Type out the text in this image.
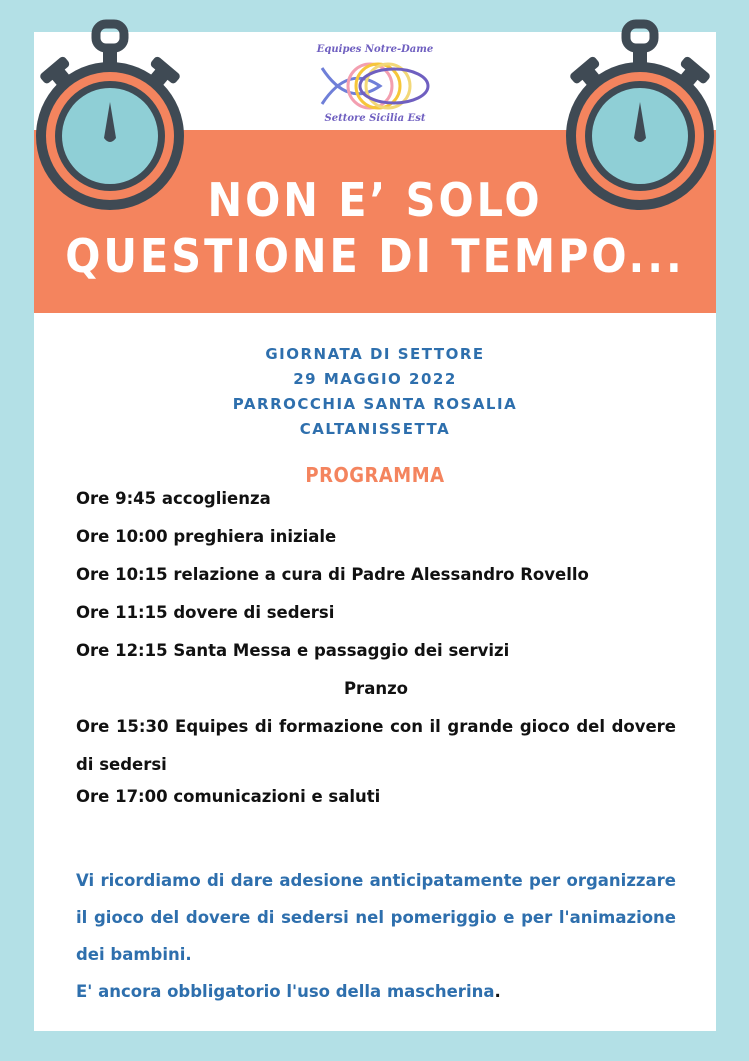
Equipes Notre-Dame
Settore Sicilia Est
NON E’ SOLO
QUESTIONE DI TEMPO...
GIORNATA DI SETTORE
29 MAGGIO 2022
PARROCCHIA SANTA ROSALIA
CALTANISSETTA
PROGRAMMA
Ore 9:45 accoglienza
Ore 10:00 preghiera iniziale
Ore 10:15 relazione a cura di Padre Alessandro Rovello
Ore 11:15 dovere di sedersi
Ore 12:15 Santa Messa e passaggio dei servizi
Pranzo
Ore 15:30 Equipes di formazione con il grande gioco del dovere di sedersi
Ore 17:00 comunicazioni e saluti

Vi ricordiamo di dare adesione anticipatamente per organizzare il gioco del dovere di sedersi nel pomeriggio e per l'animazione dei bambini.

E' ancora obbligatorio l'uso della mascherina.
